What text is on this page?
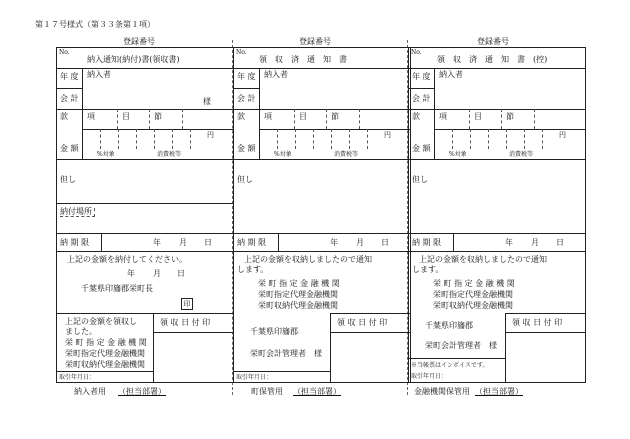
第１７号様式（第３３条第１項）
登録番号
No.
納入通知(納付)書(領収書)
年 度 納入者
会 計	様
款 項	目	節
円
金 額
%対象	消費税等
但し
納付場所
納 期 限	年 月 日
上記の金額を納付してください。
年 月 日
千葉県印旛郡栄町長
印
上記の金額を領収し
ました。
栄 町 指 定 金 融 機 関
栄町指定代理金融機関
栄町収納代理金融機関
領 収 日 付 印
取引年月日：
納入者用 （担当部署）
登録番号
No.
領　収　済　通　知　書
年 度 納入者
会 計
款 項	目	節
円
金 額
%対象	消費税等
但し
納 期 限	年 月 日
上記の金額を収納しましたので通知
します。
栄 町 指 定 金 融 機 関
栄町指定代理金融機関
栄町収納代理金融機関
領 収 日 付 印
千葉県印旛郡
栄町会計管理者　様
取引年月日：
町保管用 （担当部署）
登録番号
No.
領　収　済　通　知　書　(控)
年 度 納入者
会 計
款 項	目	節
円
金 額
%対象	消費税等
但し
納 期 限	年 月 日
上記の金額を収納しましたので通知
します。
栄 町 指 定 金 融 機 関
栄町指定代理金融機関
栄町収納代理金融機関
領 収 日 付 印
千葉県印旛郡
栄町会計管理者　様
※当帳票はインボイスです。
取引年月日：
金融機関保管用 （担当部署）
